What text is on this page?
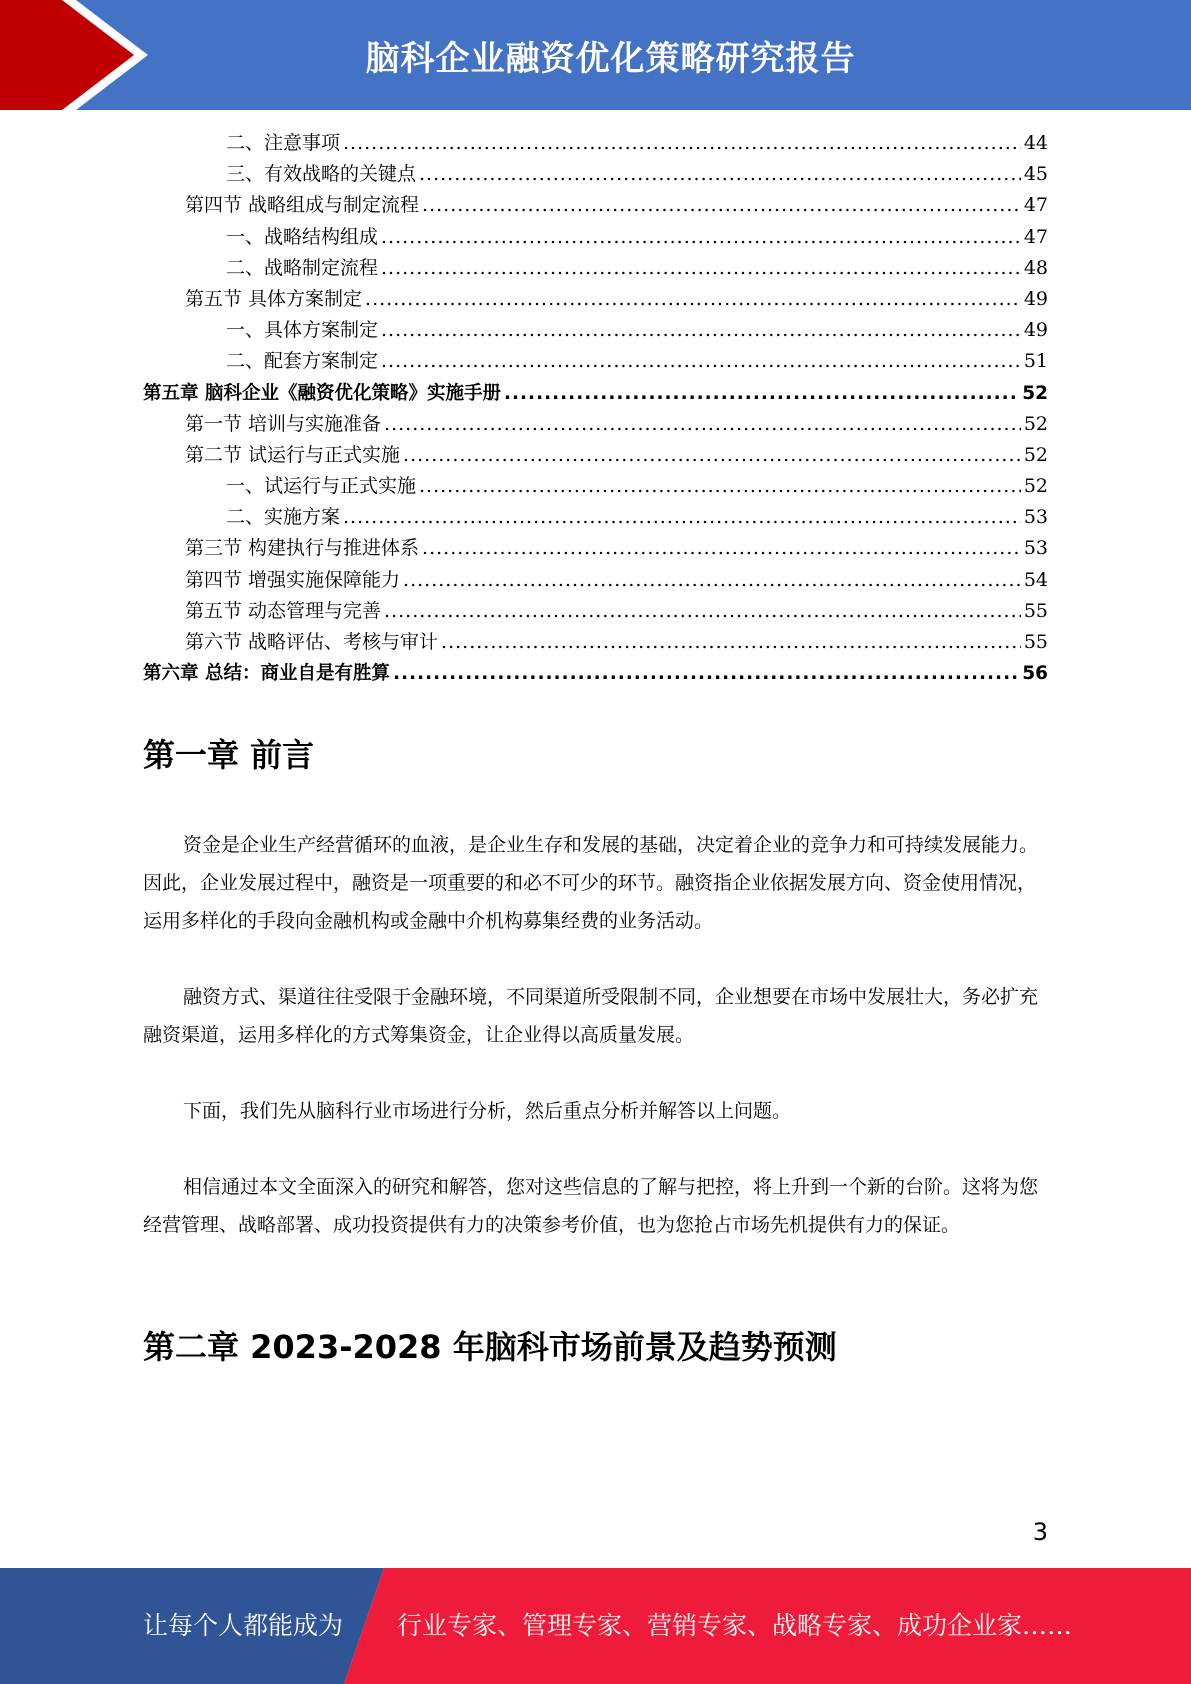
脑科企业融资优化策略研究报告
二、注意事项 .....	44
三、有效战略的关键点 .....	45
第四节 战略组成与制定流程 .....	47
一、战略结构组成 .....	47
二、战略制定流程 .....	48
第五节 具体方案制定 .....	49
一、具体方案制定 .....	49
二、配套方案制定 .....	51
第五章 脑科企业《融资优化策略》实施手册 .....	52
第一节 培训与实施准备 .....	52
第二节 试运行与正式实施 .....	52
一、试运行与正式实施 .....	52
二、实施方案 .....	53
第三节 构建执行与推进体系 .....	53
第四节 增强实施保障能力 .....	54
第五节 动态管理与完善 .....	55
第六节 战略评估、考核与审计 .....	55
第六章 总结：商业自是有胜算 .....	56
第一章 前言

资金是企业生产经营循环的血液，是企业生存和发展的基础，决定着企业的竞争力和可持续发展能力。因此，企业发展过程中，融资是一项重要的和必不可少的环节。融资指企业依据发展方向、资金使用情况，运用多样化的手段向金融机构或金融中介机构募集经费的业务活动。

融资方式、渠道往往受限于金融环境，不同渠道所受限制不同，企业想要在市场中发展壮大，务必扩充融资渠道，运用多样化的方式筹集资金，让企业得以高质量发展。

下面，我们先从脑科行业市场进行分析，然后重点分析并解答以上问题。

相信通过本文全面深入的研究和解答，您对这些信息的了解与把控，将上升到一个新的台阶。这将为您经营管理、战略部署、成功投资提供有力的决策参考价值，也为您抢占市场先机提供有力的保证。

第二章 2023-2028 年脑科市场前景及趋势预测
3
让每个人都能成为 行业专家、管理专家、营销专家、战略专家、成功企业家……
